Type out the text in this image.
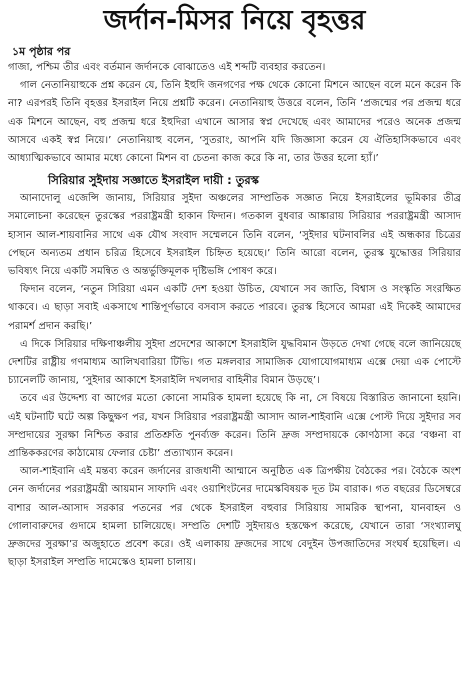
জর্দান-মিসর নিয়ে বৃহত্তর
১ম পৃষ্ঠার পর

গাজা, পশ্চিম তীর এবং বর্তমান জর্দানকে বোঝাতেও এই শব্দটি ব্যবহার করতেন।

গাল নেতানিয়াহুকে প্রশ্ন করেন যে, তিনি ইহুদি জনগণের পক্ষ থেকে কোনো মিশনে আছেন বলে মনে করেন কি না? এরপরই তিনি বৃহত্তর ইসরাইল নিয়ে প্রশ্নটি করেন। নেতানিয়াহু উত্তরে বলেন, তিনি ‘প্রজন্মের পর প্রজন্ম ধরে এক মিশনে আছেন, বহু প্রজন্ম ধরে ইহুদিরা এখানে আসার স্বপ্ন দেখেছে এবং আমাদের পরেও অনেক প্রজন্ম আসবে একই স্বপ্ন নিয়ে।’ নেতানিয়াহু বলেন, ‘সুতরাং, আপনি যদি জিজ্ঞাসা করেন যে ঐতিহাসিকভাবে এবং আধ্যাত্মিকভাবে আমার মধ্যে কোনো মিশন বা চেতনা কাজ করে কি না, তার উত্তর হলো হ্যাঁ।’

সিরিয়ার সুইদায় সজ্ঞাতে ইসরাইল দায়ী : তুরস্ক

আনাদোলু এজেন্সি জানায়, সিরিয়ার সুইদা অঞ্চলের সাম্প্রতিক সজ্ঞাত নিয়ে ইসরাইলের ভূমিকার তীব্র সমালোচনা করেছেন তুরস্কের পররাষ্ট্রমন্ত্রী হাকান ফিদান। গতকাল বুধবার আঙ্কারায় সিরিয়ার পররাষ্ট্রমন্ত্রী আসাদ হাসান আল-শায়বানির সাথে এক যৌথ সংবাদ সম্মেলনে তিনি বলেন, ‘সুইদার ঘটনাবলির এই অন্ধকার চিত্রের পেছনে অন্যতম প্রধান চরিত্র হিসেবে ইসরাইল চিহ্নিত হয়েছে।’ তিনি আরো বলেন, তুরস্ক যুদ্ধোত্তর সিরিয়ার ভবিষ্যৎ নিয়ে একটি সমন্বিত ও অন্তর্ভুক্তিমূলক দৃষ্টিভঙ্গি পোষণ করে।

ফিদান বলেন, ‘নতুন সিরিয়া এমন একটি দেশ হওয়া উচিত, যেখানে সব জাতি, বিশ্বাস ও সংস্কৃতি সংরক্ষিত থাকবে। এ ছাড়া সবাই একসাথে শান্তিপূর্ণভাবে বসবাস করতে পারবে। তুরস্ক হিসেবে আমরা এই দিকেই আমাদের পরামর্শ প্রদান করছি।’

এ দিকে সিরিয়ার দক্ষিণাঞ্চলীয় সুইদা প্রদেশের আকাশে ইসরাইলি যুদ্ধবিমান উড়তে দেখা গেছে বলে জানিয়েছে দেশটির রাষ্ট্রীয় গণমাধ্যম আলিখবারিয়া টিভি। গত মঙ্গলবার সামাজিক যোগাযোগমাধ্যম এক্সে দেয়া এক পোস্টে চ্যানেলটি জানায়, ‘সুইদার আকাশে ইসরাইলি দখলদার বাহিনীর বিমান উড়ছে’।

তবে এর উদ্দেশ্য বা আগের মতো কোনো সামরিক হামলা হয়েছে কি না, সে বিষয়ে বিস্তারিত জানানো হয়নি। এই ঘটনাটি ঘটে অল্প কিছুক্ষণ পর, যখন সিরিয়ার পররাষ্ট্রমন্ত্রী আসাদ আল-শাইবানি এক্সে পোস্ট দিয়ে সুইদার সব সম্প্রদায়ের সুরক্ষা নিশ্চিত করার প্রতিশ্রুতি পুনর্ব্যক্ত করেন। তিনি দ্রুজ সম্প্রদায়কে কোণঠাসা করে ‘বঞ্চনা বা প্রান্তিককরণের কাঠামোয় ফেলার চেষ্টা’ প্রত্যাখ্যান করেন।

আল-শাইবানি এই মন্তব্য করেন জর্দানের রাজধানী আম্মানে অনুষ্ঠিত এক ত্রিপক্ষীয় বৈঠকের পর। বৈঠকে অংশ নেন জর্দানের পররাষ্ট্রমন্ত্রী আয়মান সাফাদি এবং ওয়াশিংটনের দামেস্কবিষয়ক দূত টম বারাক। গত বছরের ডিসেম্বরে বাশার আল-আসাদ সরকার পতনের পর থেকে ইসরাইল বহুবার সিরিয়ায় সামরিক স্থাপনা, যানবাহন ও গোলাবারুদের গুদামে হামলা চালিয়েছে। সম্প্রতি দেশটি সুইদায়ও হস্তক্ষেপ করেছে, যেখানে তারা ‘সংখ্যালঘু দ্রুজদের সুরক্ষা’র অজুহাতে প্রবেশ করে। ওই এলাকায় দ্রুজদের সাথে বেদুইন উপজাতিদের সংঘর্ষ হয়েছিল। এ ছাড়া ইসরাইল সম্প্রতি দামেস্কেও হামলা চালায়।
